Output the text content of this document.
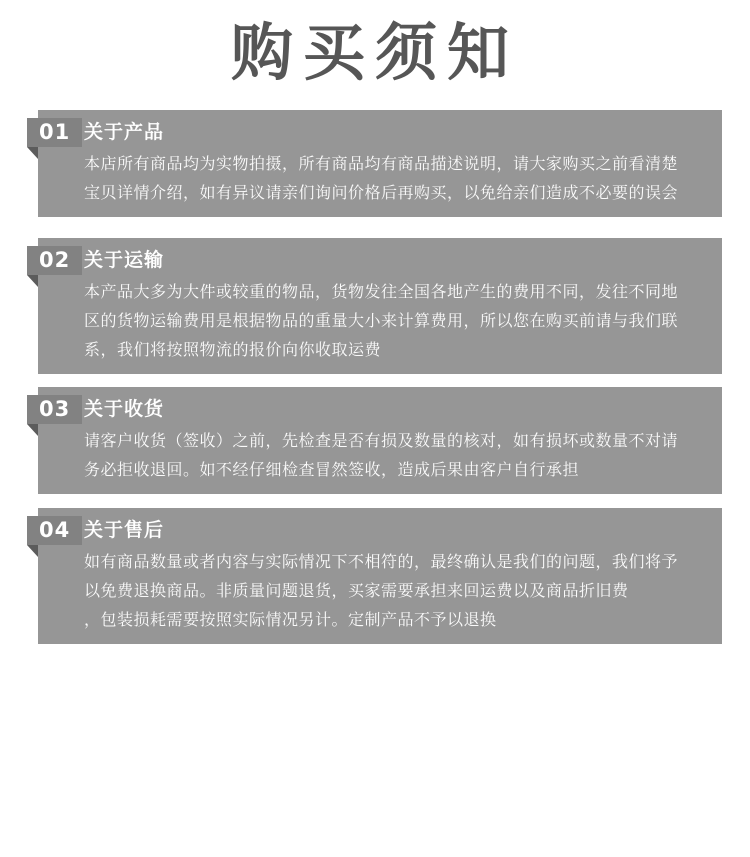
购买须知
01 关于产品
本店所有商品均为实物拍摄，所有商品均有商品描述说明，请大家购买之前看清楚
宝贝详情介绍，如有异议请亲们询问价格后再购买，以免给亲们造成不必要的误会
02 关于运输
本产品大多为大件或较重的物品，货物发往全国各地产生的费用不同，发往不同地
区的货物运输费用是根据物品的重量大小来计算费用，所以您在购买前请与我们联
系，我们将按照物流的报价向你收取运费
03 关于收货
请客户收货（签收）之前，先检查是否有损及数量的核对，如有损坏或数量不对请
务必拒收退回。如不经仔细检查冒然签收，造成后果由客户自行承担
04 关于售后
如有商品数量或者内容与实际情况下不相符的，最终确认是我们的问题，我们将予
以免费退换商品。非质量问题退货，买家需要承担来回运费以及商品折旧费
，包装损耗需要按照实际情况另计。定制产品不予以退换
